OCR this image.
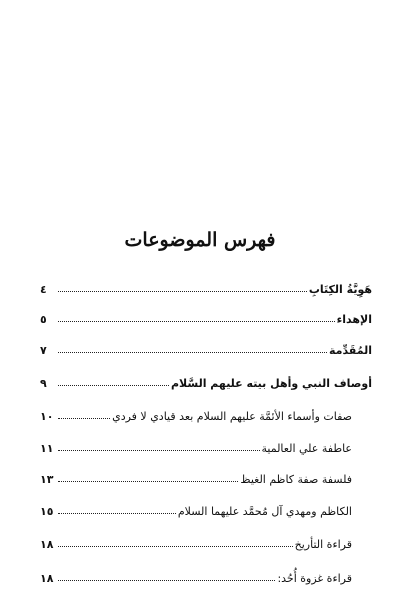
فهرس الموضوعات
هَوِيَّةُ الكِتَابِ
٤
الإهداء
٥
المُقَدِّمة
٧
أوصاف النبي وأهل بيته عليهم السَّلام
٩
صفات وأسماء الأئمَّة عليهم السلام بعد قيادي لا فردي
١٠
عاطفة علي العالمية
١١
فلسفة صفة كاظم الغيظ
١٣
الكاظم ومهدي آل مُحمَّد عليهما السلام
١٥
قراءة التأريخ
١٨
قراءة غزوة أُحُد:
١٨
